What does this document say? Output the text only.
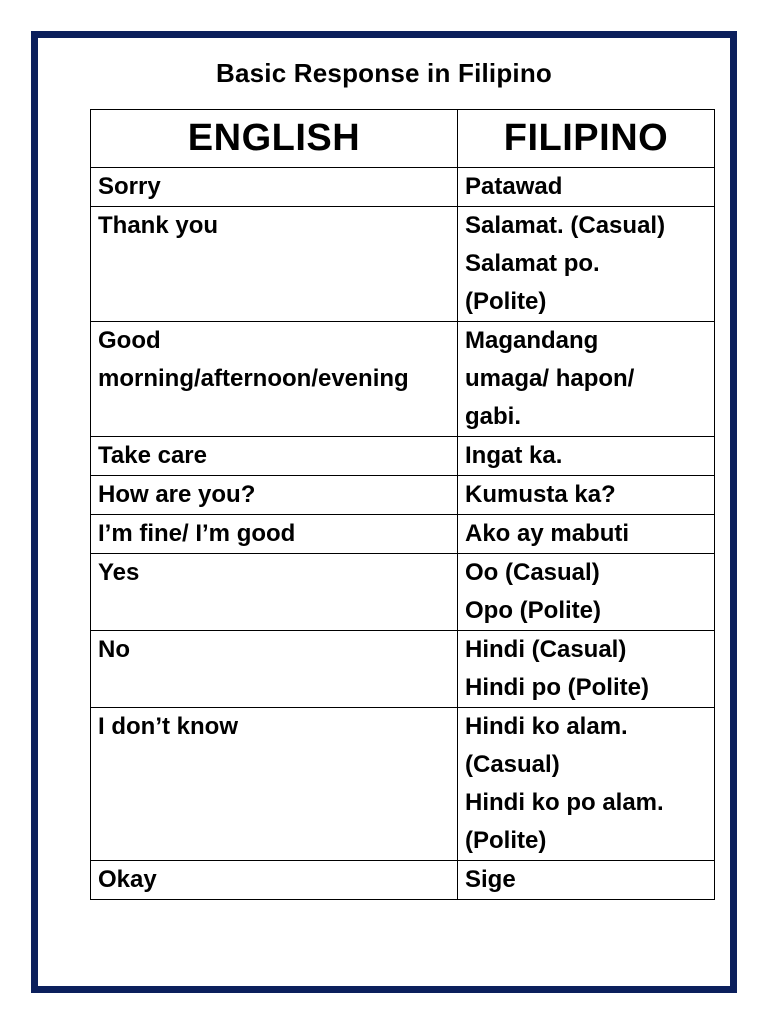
Basic Response in Filipino
ENGLISH	FILIPINO

Sorry	Patawad

Thank you	Salamat. (Casual)
Salamat po.
(Polite)

Good
morning/afternoon/evening	Magandang
umaga/ hapon/
gabi.

Take care	Ingat ka.

How are you?	Kumusta ka?

I’m fine/ I’m good	Ako ay mabuti

Yes	Oo (Casual)
Opo (Polite)

No	Hindi (Casual)
Hindi po (Polite)

I don’t know	Hindi ko alam.
(Casual)
Hindi ko po alam.
(Polite)

Okay	Sige
